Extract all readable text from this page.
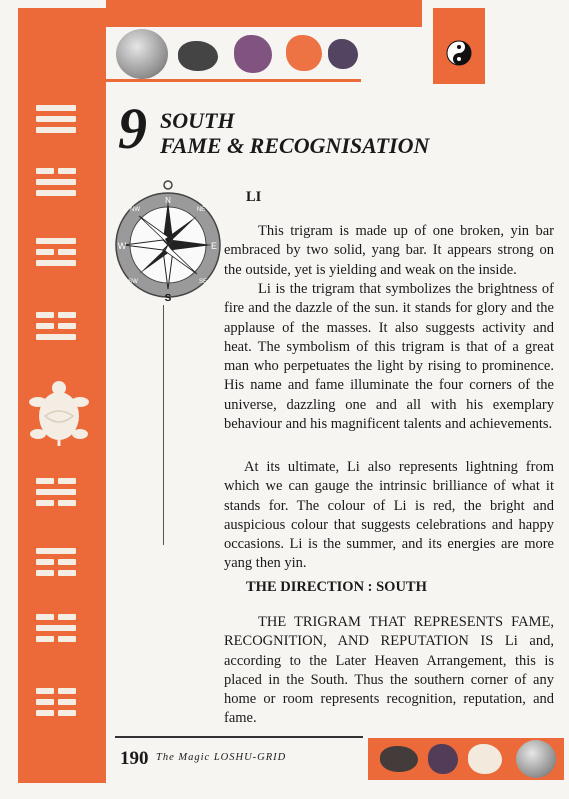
9 SOUTH
FAME & RECOGNISATION
N
S
E
W
NE
NW
SE
SW
LI
This trigram is made up of one broken, yin bar embraced by two solid, yang bar. It appears strong on the outside, yet is yielding and weak on the inside.
Li is the trigram that symbolizes the brightness of fire and the dazzle of the sun. it stands for glory and the applause of the masses. It also suggests activity and heat. The symbolism of this trigram is that of a great man who perpetuates the light by rising to prominence. His name and fame illuminate the four corners of the universe, dazzling one and all with his exemplary behaviour and his magnificent talents and achievements.
At its ultimate, Li also represents lightning from which we can gauge the intrinsic brilliance of what it stands for. The colour of Li is red, the bright and auspicious colour that suggests celebrations and happy occasions. Li is the summer, and its energies are more yang then yin.
THE DIRECTION : SOUTH
THE TRIGRAM THAT REPRESENTS FAME, RECOGNITION, AND REPUTATION IS Li and, according to the Later Heaven Arrangement, this is placed in the South. Thus the southern corner of any home or room represents recognition, reputation, and fame.
190 The Magic LOSHU-GRID
